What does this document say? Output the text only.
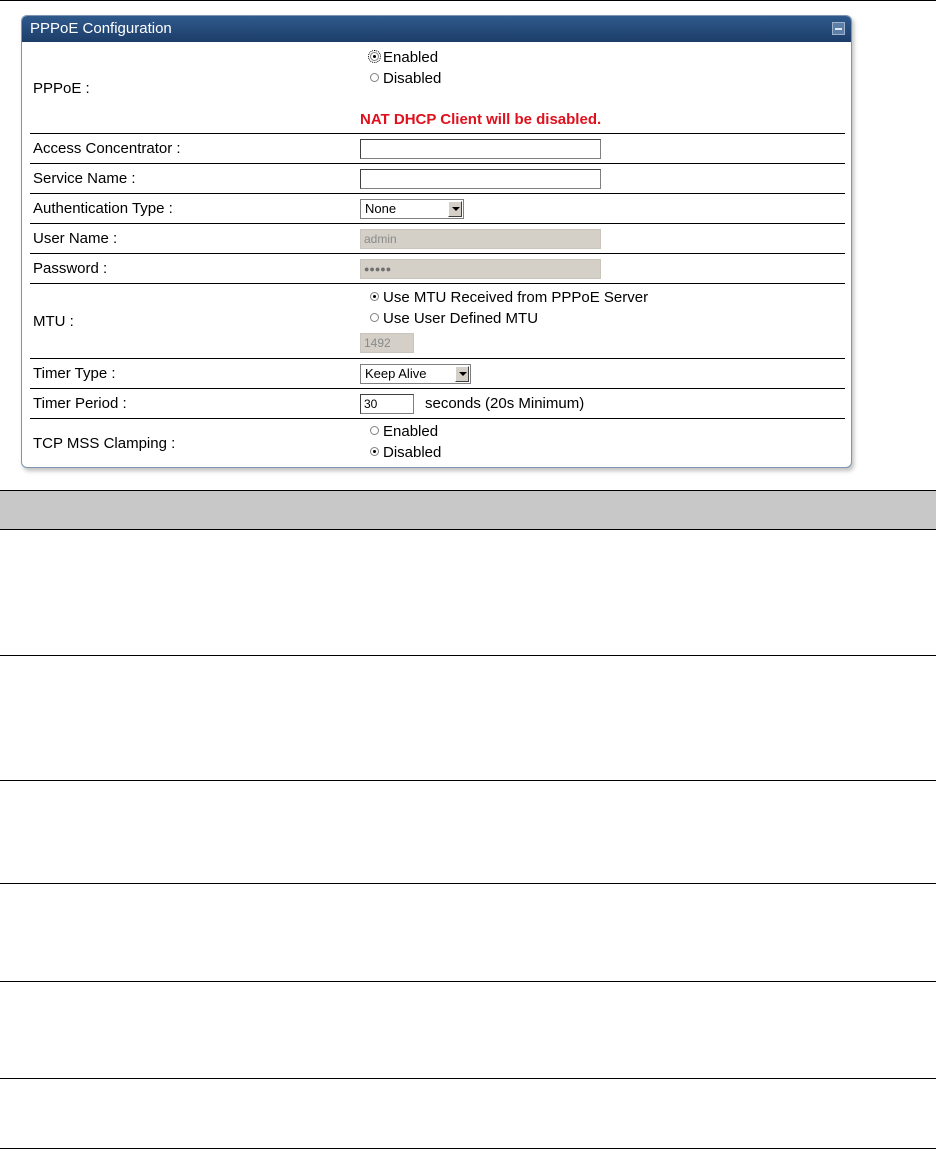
PPPoE Configuration
PPPoE :
Enabled
Disabled
NAT DHCP Client will be disabled.
Access Concentrator :
Service Name :
Authentication Type :	None
User Name :	admin
Password :	●●●●●
MTU :
Use MTU Received from PPPoE Server
Use User Defined MTU
1492
Timer Type :	Keep Alive
Timer Period :	30	seconds (20s Minimum)
TCP MSS Clamping :
Enabled
Disabled
